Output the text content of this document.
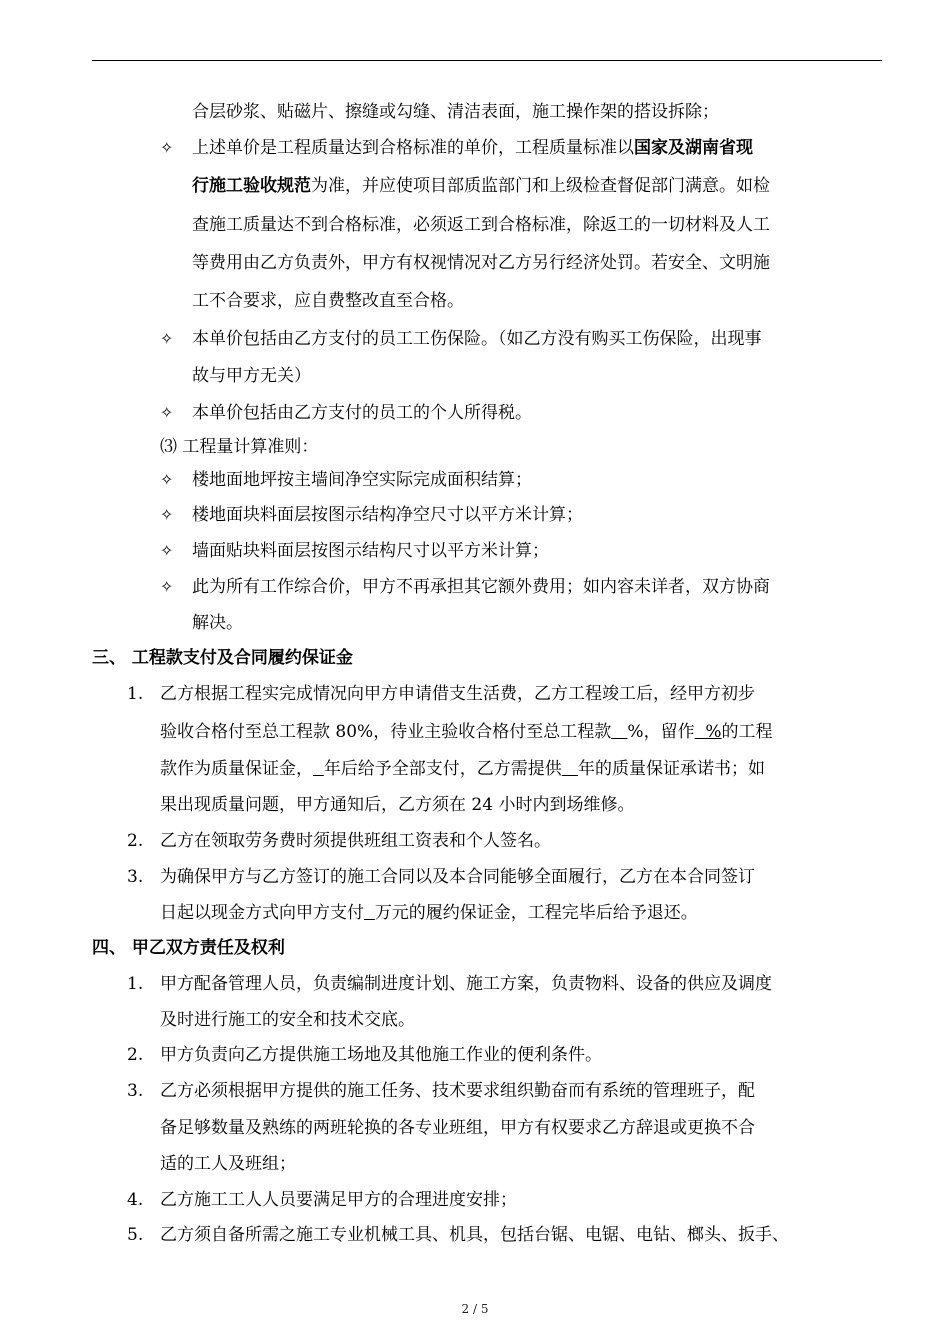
合层砂浆、贴磁片、擦缝或勾缝、清洁表面，施工操作架的搭设拆除；
✧ 上述单价是工程质量达到合格标准的单价，工程质量标准以国家及湖南省现
行施工验收规范为准，并应使项目部质监部门和上级检查督促部门满意。如检
查施工质量达不到合格标准，必须返工到合格标准，除返工的一切材料及人工
等费用由乙方负责外，甲方有权视情况对乙方另行经济处罚。若安全、文明施
工不合要求，应自费整改直至合格。
✧ 本单价包括由乙方支付的员工工伤保险。（如乙方没有购买工伤保险，出现事
故与甲方无关）
✧ 本单价包括由乙方支付的员工的个人所得税。
⑶ 工程量计算准则：
✧ 楼地面地坪按主墙间净空实际完成面积结算；
✧ 楼地面块料面层按图示结构净空尺寸以平方米计算；
✧ 墙面贴块料面层按图示结构尺寸以平方米计算；
✧ 此为所有工作综合价，甲方不再承担其它额外费用；如内容未详者，双方协商
解决。
三、 工程款支付及合同履约保证金
1. 乙方根据工程实完成情况向甲方申请借支生活费，乙方工程竣工后，经甲方初步
验收合格付至总工程款 80%，待业主验收合格付至总工程款 %，留作 %的工程
款作为质量保证金， 年后给予全部支付，乙方需提供 年的质量保证承诺书；如
果出现质量问题，甲方通知后，乙方须在 24 小时内到场维修。
2. 乙方在领取劳务费时须提供班组工资表和个人签名。
3. 为确保甲方与乙方签订的施工合同以及本合同能够全面履行，乙方在本合同签订
日起以现金方式向甲方支付 万元的履约保证金，工程完毕后给予退还。
四、 甲乙双方责任及权利
1. 甲方配备管理人员，负责编制进度计划、施工方案，负责物料、设备的供应及调度
及时进行施工的安全和技术交底。
2. 甲方负责向乙方提供施工场地及其他施工作业的便利条件。
3. 乙方必须根据甲方提供的施工任务、技术要求组织勤奋而有系统的管理班子，配
备足够数量及熟练的两班轮换的各专业班组，甲方有权要求乙方辞退或更换不合
适的工人及班组；
4. 乙方施工工人人员要满足甲方的合理进度安排；
5. 乙方须自备所需之施工专业机械工具、机具，包括台锯、电锯、电钻、榔头、扳手、
2 / 5
